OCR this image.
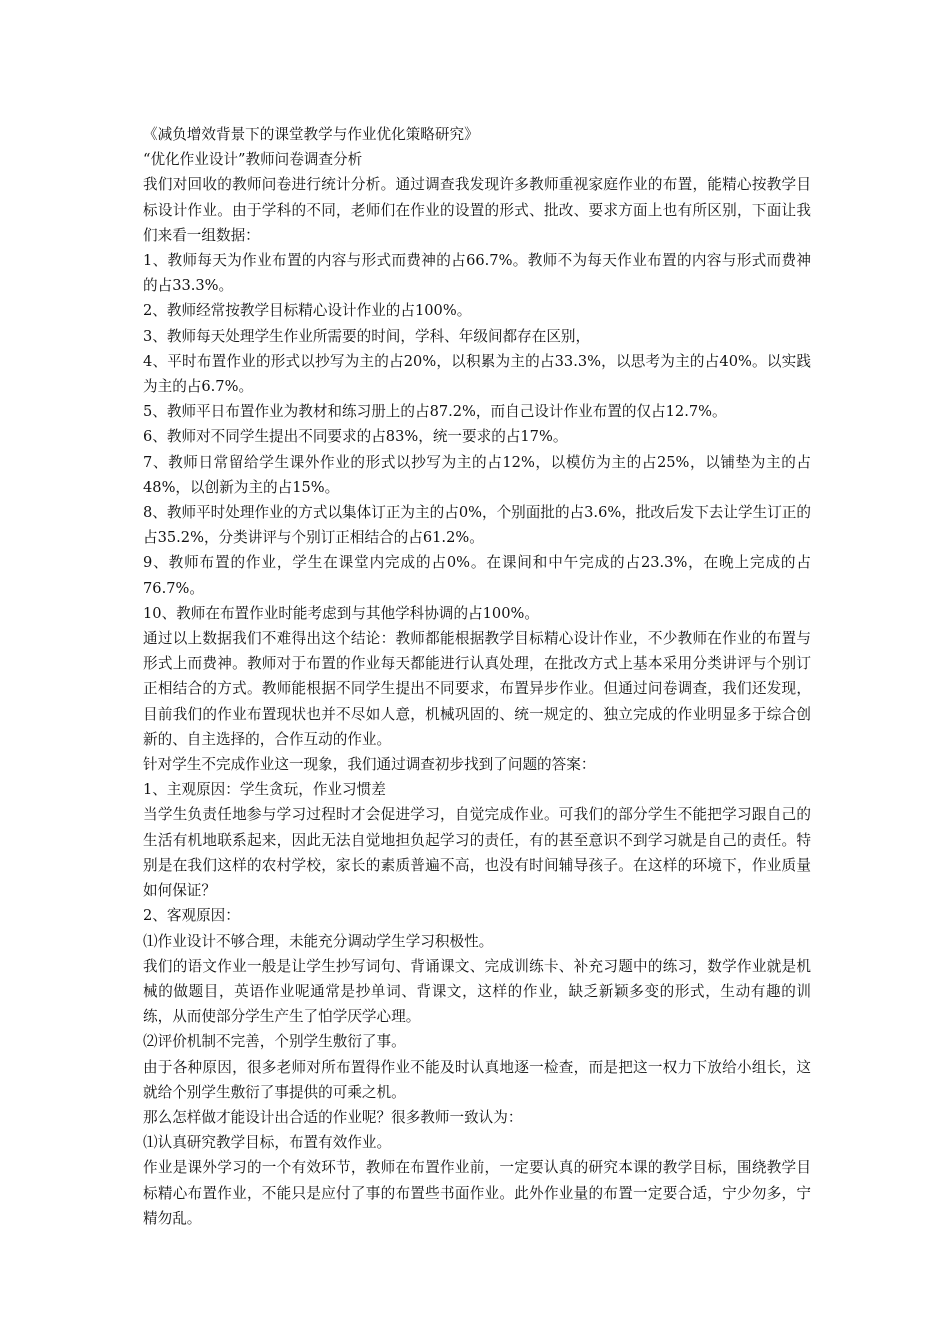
《减负增效背景下的课堂教学与作业优化策略研究》

“优化作业设计”教师问卷调查分析

我们对回收的教师问卷进行统计分析。通过调查我发现许多教师重视家庭作业的布置，能精心按教学目标设计作业。由于学科的不同，老师们在作业的设置的形式、批改、要求方面上也有所区别，下面让我们来看一组数据：

1、教师每天为作业布置的内容与形式而费神的占66.7%。教师不为每天作业布置的内容与形式而费神的占33.3%。

2、教师经常按教学目标精心设计作业的占100%。

3、教师每天处理学生作业所需要的时间，学科、年级间都存在区别，

4、平时布置作业的形式以抄写为主的占20%，以积累为主的占33.3%，以思考为主的占40%。以实践为主的占6.7%。

5、教师平日布置作业为教材和练习册上的占87.2%，而自己设计作业布置的仅占12.7%。

6、教师对不同学生提出不同要求的占83%，统一要求的占17%。

7、教师日常留给学生课外作业的形式以抄写为主的占12%，以模仿为主的占25%，以铺垫为主的占48%，以创新为主的占15%。

8、教师平时处理作业的方式以集体订正为主的占0%，个别面批的占3.6%，批改后发下去让学生订正的占35.2%，分类讲评与个别订正相结合的占61.2%。

9、教师布置的作业，学生在课堂内完成的占0%。在课间和中午完成的占23.3%，在晚上完成的占76.7%。

10、教师在布置作业时能考虑到与其他学科协调的占100%。

通过以上数据我们不难得出这个结论：教师都能根据教学目标精心设计作业，不少教师在作业的布置与形式上而费神。教师对于布置的作业每天都能进行认真处理，在批改方式上基本采用分类讲评与个别订正相结合的方式。教师能根据不同学生提出不同要求，布置异步作业。但通过问卷调查，我们还发现，目前我们的作业布置现状也并不尽如人意，机械巩固的、统一规定的、独立完成的作业明显多于综合创新的、自主选择的，合作互动的作业。

针对学生不完成作业这一现象，我们通过调查初步找到了问题的答案：

1、主观原因：学生贪玩，作业习惯差

当学生负责任地参与学习过程时才会促进学习，自觉完成作业。可我们的部分学生不能把学习跟自己的生活有机地联系起来，因此无法自觉地担负起学习的责任，有的甚至意识不到学习就是自己的责任。特别是在我们这样的农村学校，家长的素质普遍不高，也没有时间辅导孩子。在这样的环境下，作业质量如何保证？

2、客观原因：

⑴作业设计不够合理，未能充分调动学生学习积极性。

我们的语文作业一般是让学生抄写词句、背诵课文、完成训练卡、补充习题中的练习，数学作业就是机械的做题目，英语作业呢通常是抄单词、背课文，这样的作业，缺乏新颖多变的形式，生动有趣的训练，从而使部分学生产生了怕学厌学心理。

⑵评价机制不完善，个别学生敷衍了事。

由于各种原因，很多老师对所布置得作业不能及时认真地逐一检查，而是把这一权力下放给小组长，这就给个别学生敷衍了事提供的可乘之机。

那么怎样做才能设计出合适的作业呢？很多教师一致认为：

⑴认真研究教学目标，布置有效作业。

作业是课外学习的一个有效环节，教师在布置作业前，一定要认真的研究本课的教学目标，围绕教学目标精心布置作业，不能只是应付了事的布置些书面作业。此外作业量的布置一定要合适，宁少勿多，宁精勿乱。
